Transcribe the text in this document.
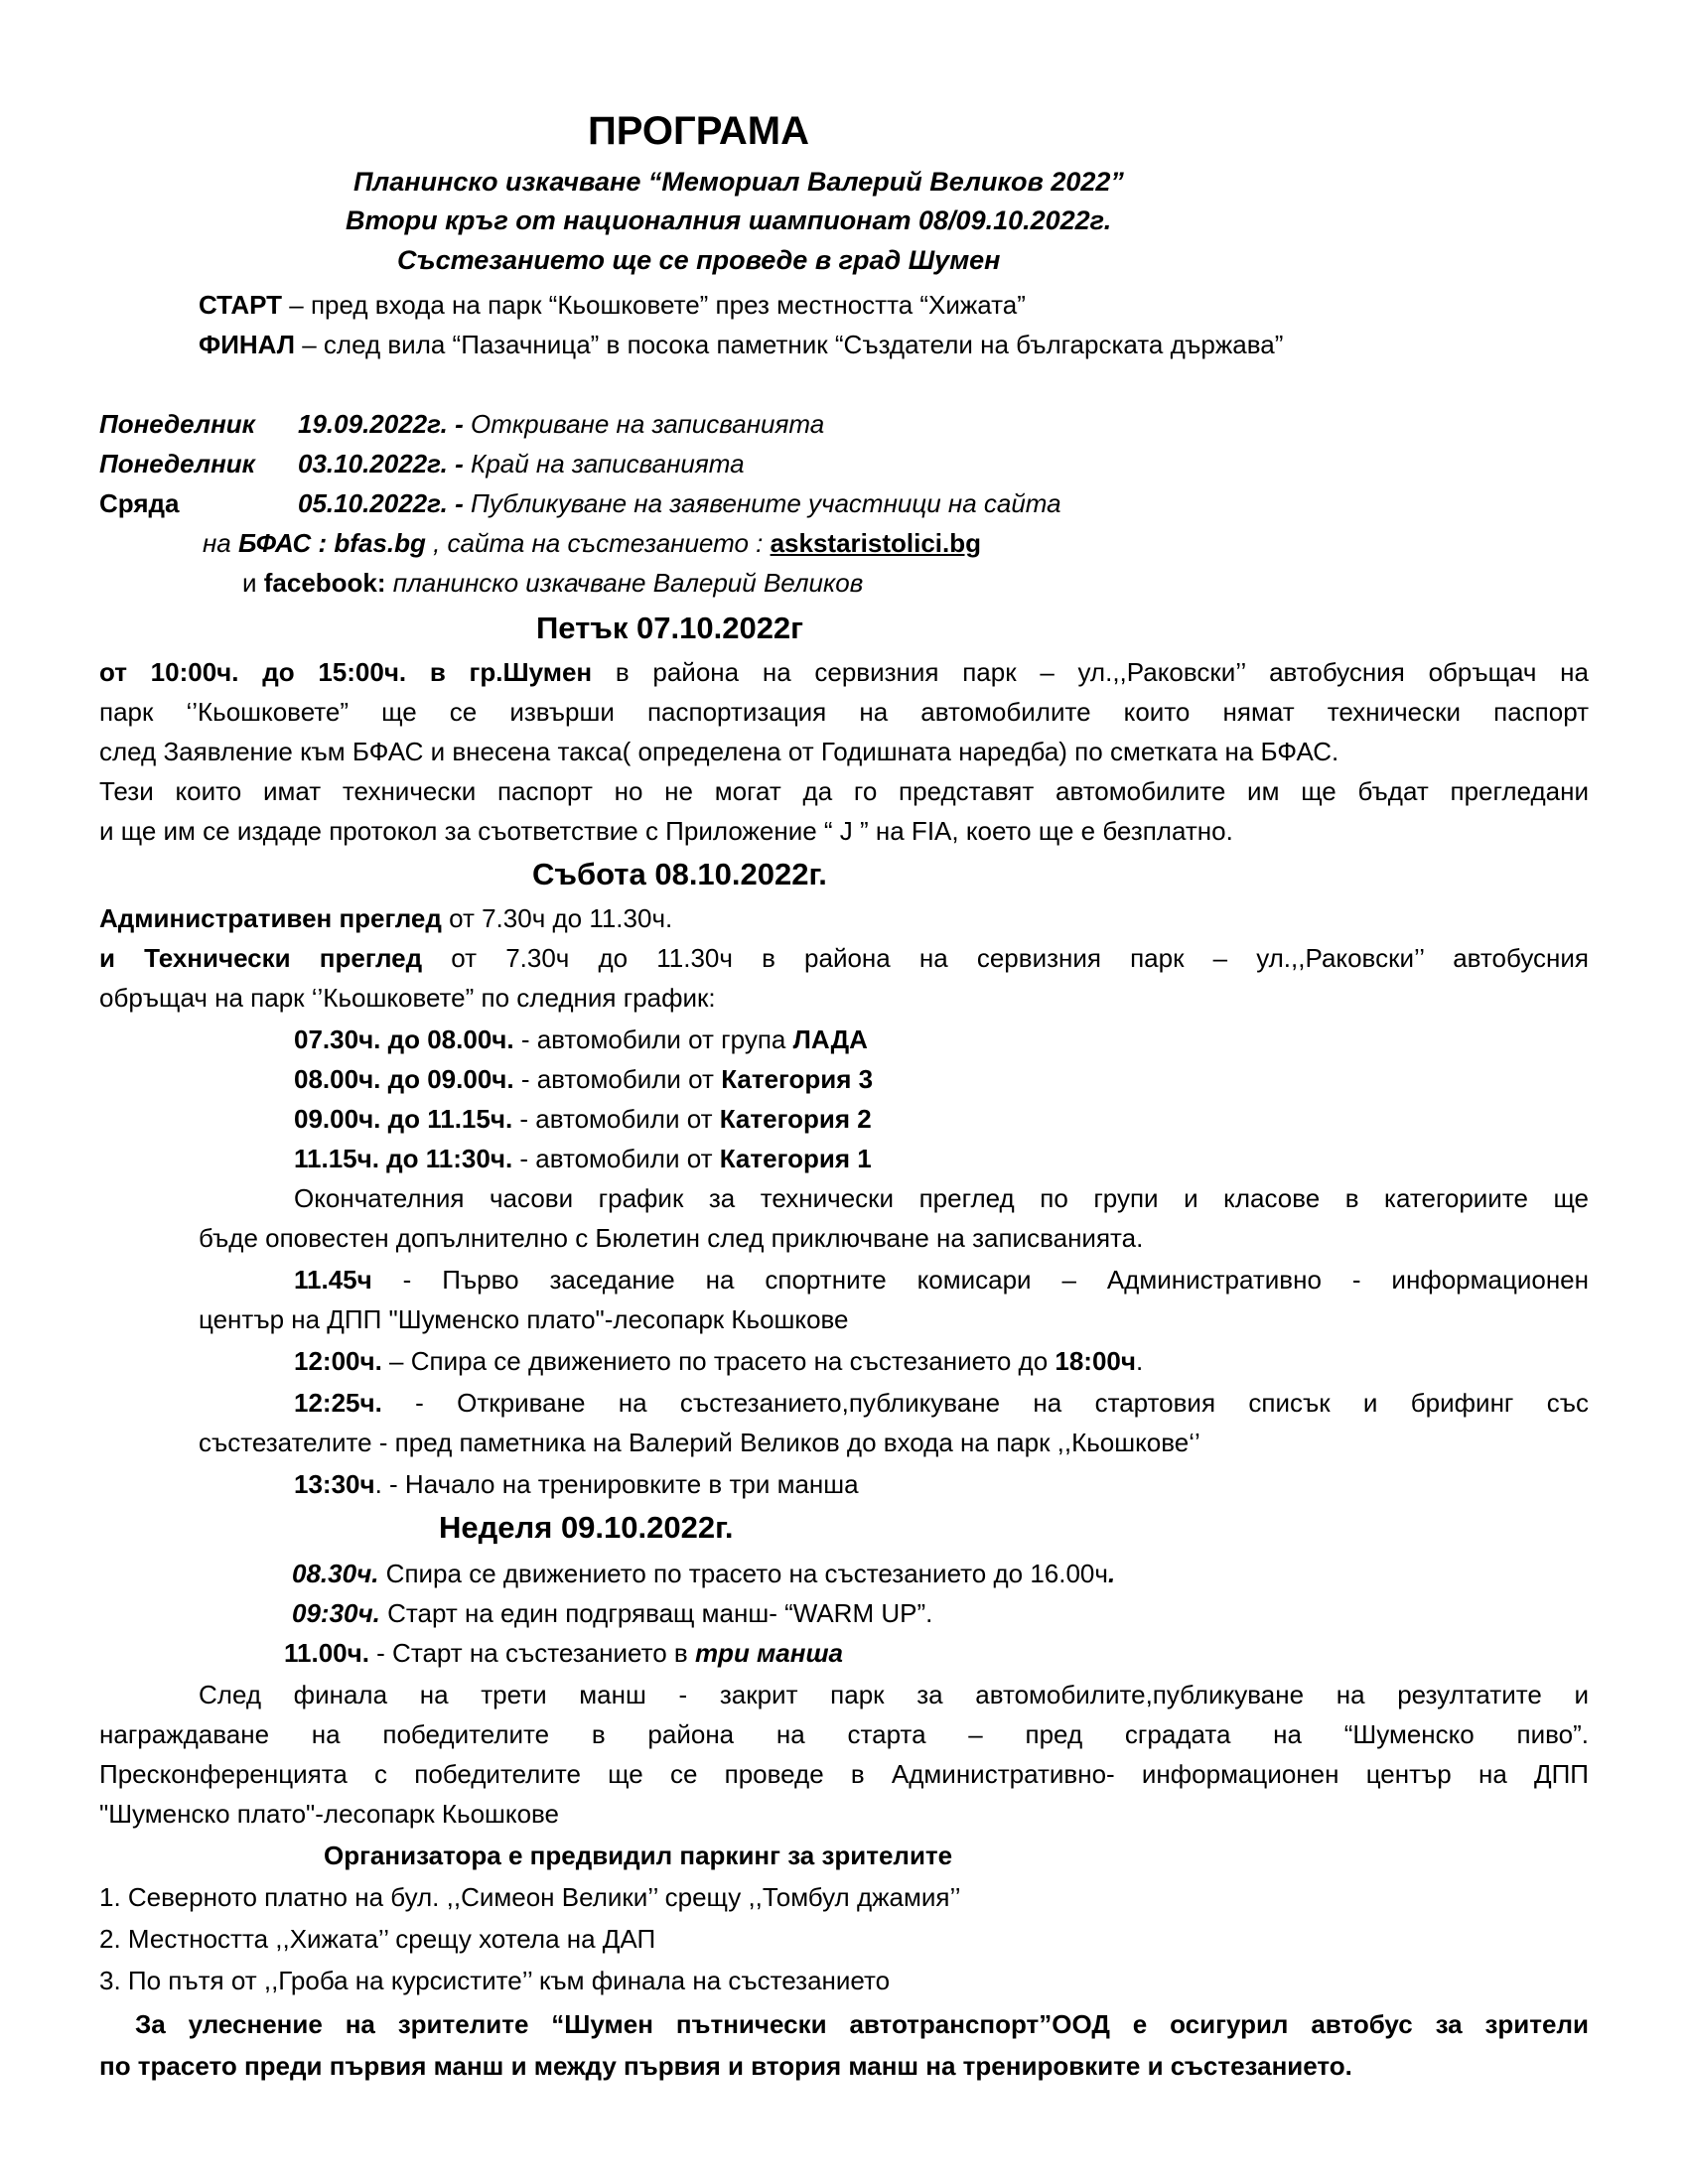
ПРОГРАМА
Планинско изкачване “Мемориал Валерий Великов 2022”
Втори кръг от националния шампионат 08/09.10.2022г.
Състезанието ще се проведе в град Шумен
СТАРТ – пред входа на парк “Кьошковете” през местността “Хижата”
ФИНАЛ – след вила “Пазачница” в посока паметник “Създатели на българската държава”
Понеделник 19.09.2022г. - Откриване на записванията
Понеделник 03.10.2022г. - Край на записванията
Сряда	05.10.2022г. - Публикуване на заявените участници на сайта
на БФАС : bfas.bg , сайта на състезанието : askstaristolici.bg
и facebook: планинско изкачване Валерий Великов
Петък 07.10.2022г
от 10:00ч. до 15:00ч. в гр.Шумен в района на сервизния парк – ул.,,Раковски’’ автобусния обръщач на
парк ‘’Кьошковете” ще се извърши паспортизация на автомобилите които нямат технически паспорт
след Заявление към БФАС и внесена такса( определена от Годишната наредба) по сметката на БФАС.
Тези които имат технически паспорт но не могат да го представят автомобилите им ще бъдат прегледани
и ще им се издаде протокол за съответствие с Приложение “ J ” на FIA, което ще е безплатно.
Събота 08.10.2022г.
Административен преглед от 7.30ч до 11.30ч.
и Технически преглед от 7.30ч до 11.30ч в района на сервизния парк – ул.,,Раковски’’ автобусния
обръщач на парк ‘’Кьошковете” по следния график:
07.30ч. до 08.00ч. - автомобили от група ЛАДА
08.00ч. до 09.00ч. - автомобили от Категория 3
09.00ч. до 11.15ч. - автомобили от Категория 2
11.15ч. до 11:30ч. - автомобили от Категория 1
Окончателния часови график за технически преглед по групи и класове в категориите ще
бъде оповестен допълнително с Бюлетин след приключване на записванията.
11.45ч - Първо заседание на спортните комисари – Административно - информационен
център на ДПП "Шуменско плато"-лесопарк Кьошкове
12:00ч. – Спира се движението по трасето на състезанието до 18:00ч.
12:25ч. - Откриване на състезанието,публикуване на стартовия списък и брифинг със
състезателите - пред паметника на Валерий Великов до входа на парк ,,Кьошкове‘’
13:30ч. - Начало на тренировките в три манша
Неделя 09.10.2022г.
08.30ч. Спира се движението по трасето на състезанието до 16.00ч.
09:30ч. Старт на един подгряващ манш- “WARM UP”.
11.00ч. - Старт на състезанието в три манша
След финала на трети манш - закрит парк за автомобилите,публикуване на резултатите и
награждаване на победителите в района на старта – пред сградата на “Шуменско пиво”.
Пресконференцията с победителите ще се проведе в Административно- информационен център на ДПП
"Шуменско плато"-лесопарк Кьошкове
Организатора е предвидил паркинг за зрителите
1. Северното платно на бул. ,,Симеон Велики’’ срещу ,,Томбул джамия’’
2. Местността ,,Хижата’’ срещу хотела на ДАП
3. По пътя от ,,Гроба на курсистите’’ към финала на състезанието
За улеснение на зрителите “Шумен пътнически автотранспорт”ООД е осигурил автобус за зрители
по трасето преди първия манш и между първия и втория манш на тренировките и състезанието.
